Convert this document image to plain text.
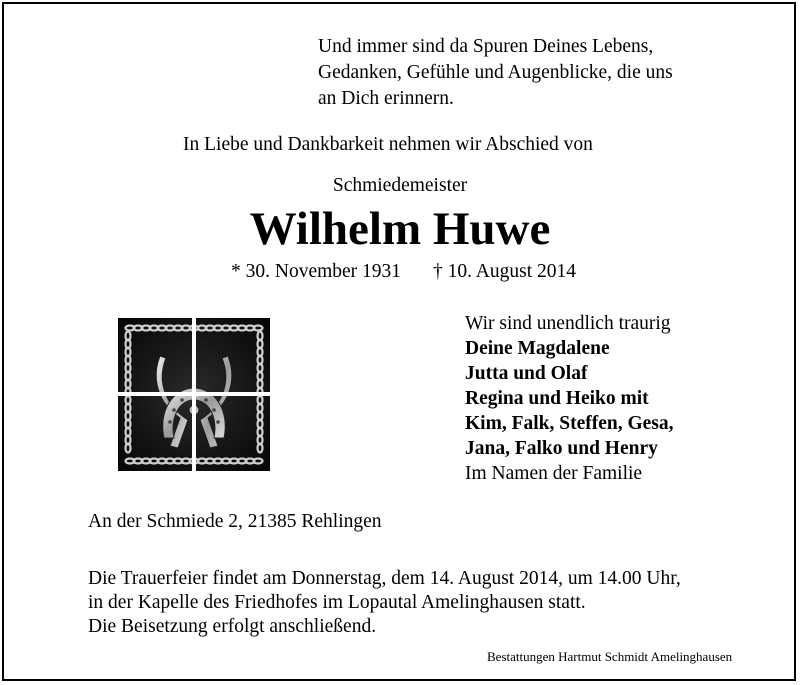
Und immer sind da Spuren Deines Lebens,
Gedanken, Gefühle und Augenblicke, die uns
an Dich erinnern.
In Liebe und Dankbarkeit nehmen wir Abschied von
Schmiedemeister
Wilhelm Huwe
* 30. November 1931 † 10. August 2014
Wir sind unendlich traurig
Deine Magdalene
Jutta und Olaf
Regina und Heiko mit
Kim, Falk, Steffen, Gesa,
Jana, Falko und Henry
Im Namen der Familie
An der Schmiede 2, 21385 Rehlingen
Die Trauerfeier findet am Donnerstag, dem 14. August 2014, um 14.00 Uhr,
in der Kapelle des Friedhofes im Lopautal Amelinghausen statt.
Die Beisetzung erfolgt anschließend.
Bestattungen Hartmut Schmidt Amelinghausen
